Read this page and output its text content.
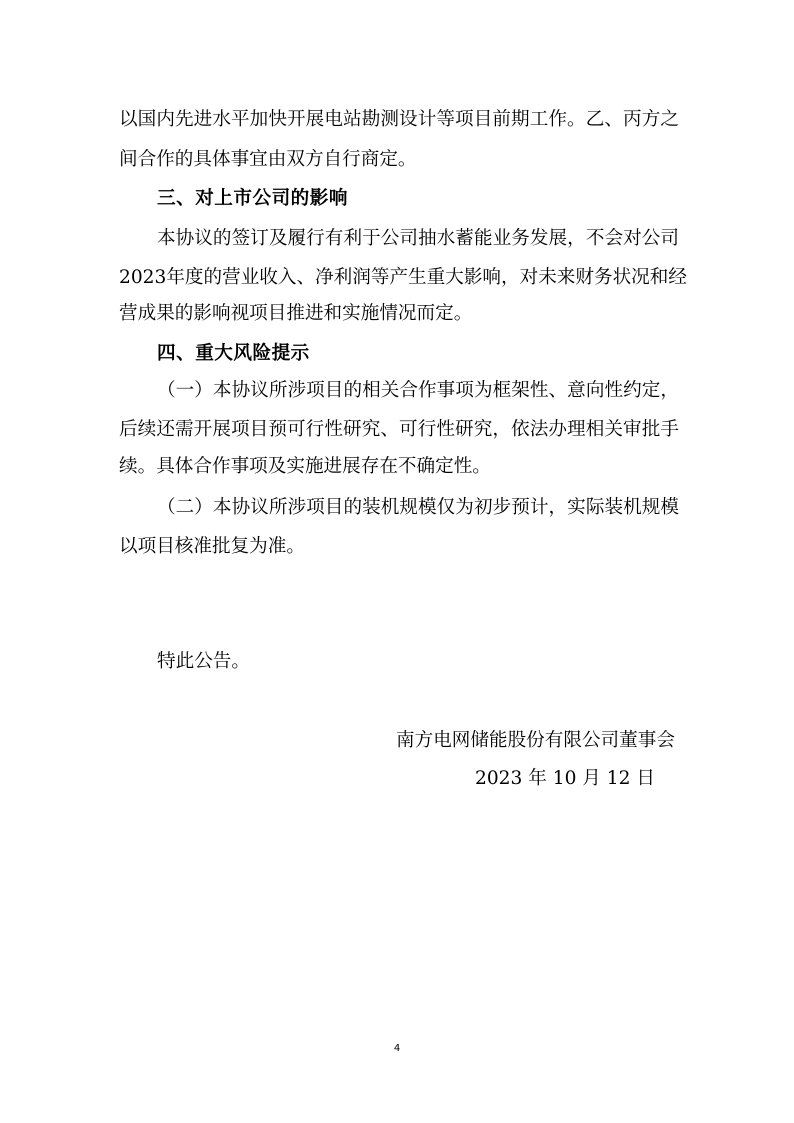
以国内先进水平加快开展电站勘测设计等项目前期工作。乙、丙方之
间合作的具体事宜由双方自行商定。
三、对上市公司的影响
本协议的签订及履行有利于公司抽水蓄能业务发展，不会对公司
2023年度的营业收入、净利润等产生重大影响，对未来财务状况和经
营成果的影响视项目推进和实施情况而定。
四、重大风险提示
（一）本协议所涉项目的相关合作事项为框架性、意向性约定，
后续还需开展项目预可行性研究、可行性研究，依法办理相关审批手
续。具体合作事项及实施进展存在不确定性。
（二）本协议所涉项目的装机规模仅为初步预计，实际装机规模
以项目核准批复为准。
特此公告。
南方电网储能股份有限公司董事会
2023 年 10 月 12 日
4
